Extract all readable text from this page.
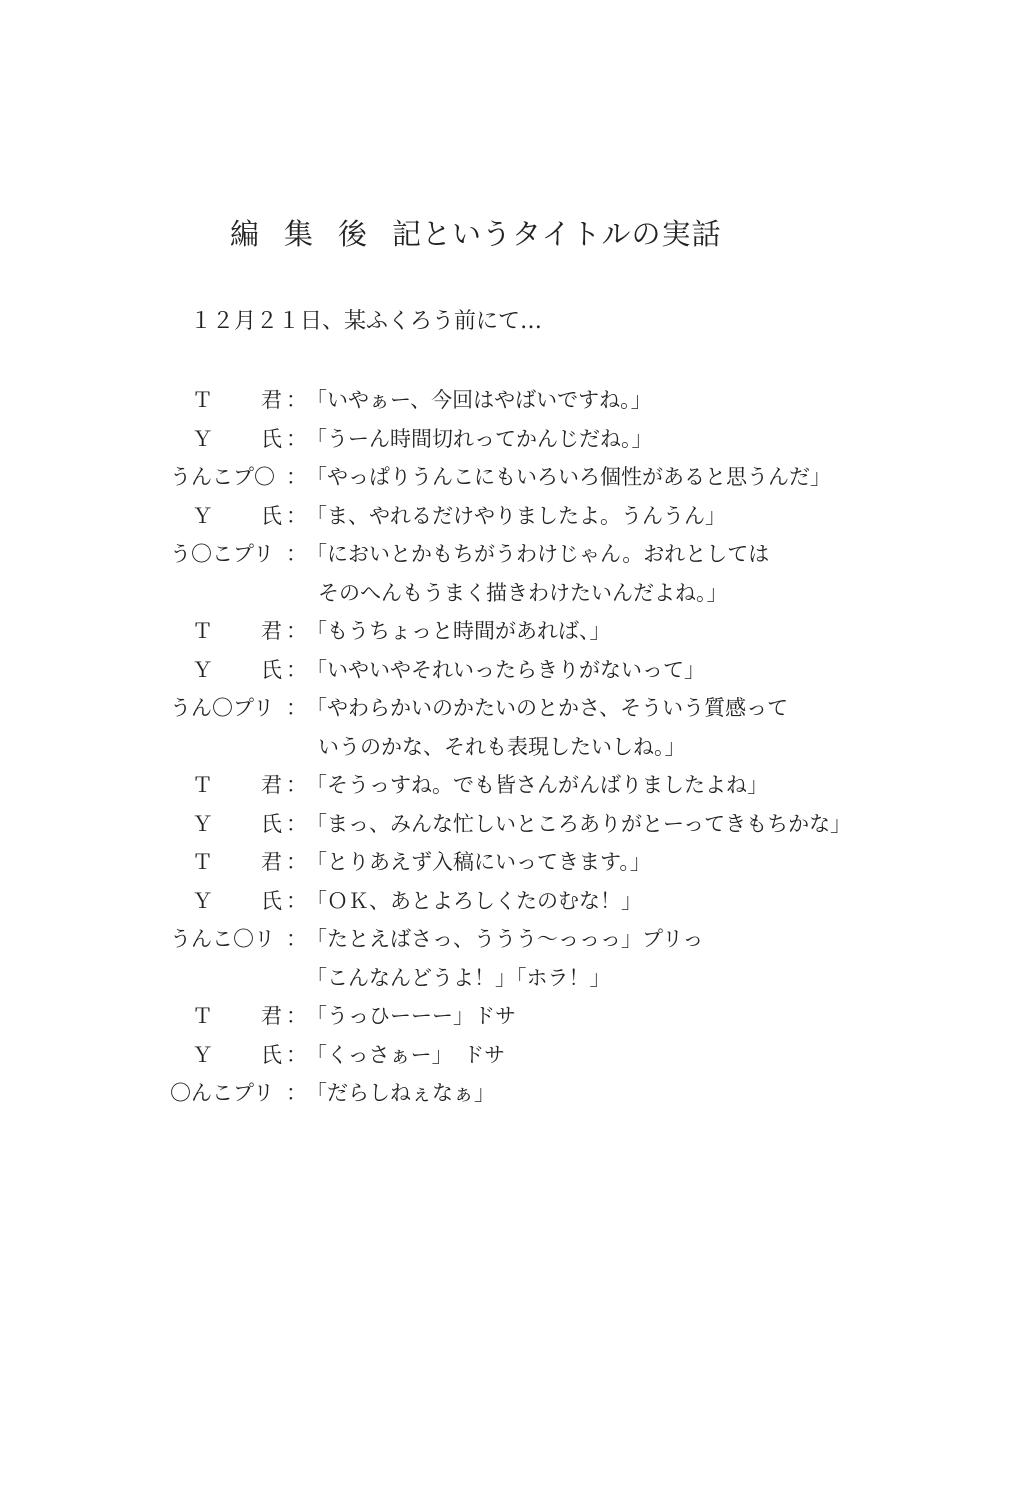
編 集 後 記というタイトルの実話
１２月２１日、某ふくろう前にて…
Ｔ 君 ： 「いやぁー、今回はやばいですね。」
Ｙ 氏 ： 「うーん時間切れってかんじだね。」
うんこプ〇 ： 「やっぱりうんこにもいろいろ個性があると思うんだ」
Ｙ 氏 ： 「ま、やれるだけやりましたよ。うんうん」
う〇こプリ ： 「においとかもちがうわけじゃん。おれとしては
そのへんもうまく描きわけたいんだよね。」
Ｔ 君 ： 「もうちょっと時間があれば、」
Ｙ 氏 ： 「いやいやそれいったらきりがないって」
うん〇プリ ： 「やわらかいのかたいのとかさ、そういう質感って
いうのかな、それも表現したいしね。」
Ｔ 君 ： 「そうっすね。でも皆さんがんばりましたよね」
Ｙ 氏 ： 「まっ、みんな忙しいところありがとーってきもちかな」
Ｔ 君 ： 「とりあえず入稿にいってきます。」
Ｙ 氏 ： 「ＯＫ、あとよろしくたのむな！」
うんこ〇リ ： 「たとえばさっ、ううう〜っっっ」プリっ
「こんなんどうよ！」「ホラ！」
Ｔ 君 ： 「うっひーーー」ドサ
Ｙ 氏 ： 「くっさぁー」　ドサ
〇んこプリ ： 「だらしねぇなぁ」
